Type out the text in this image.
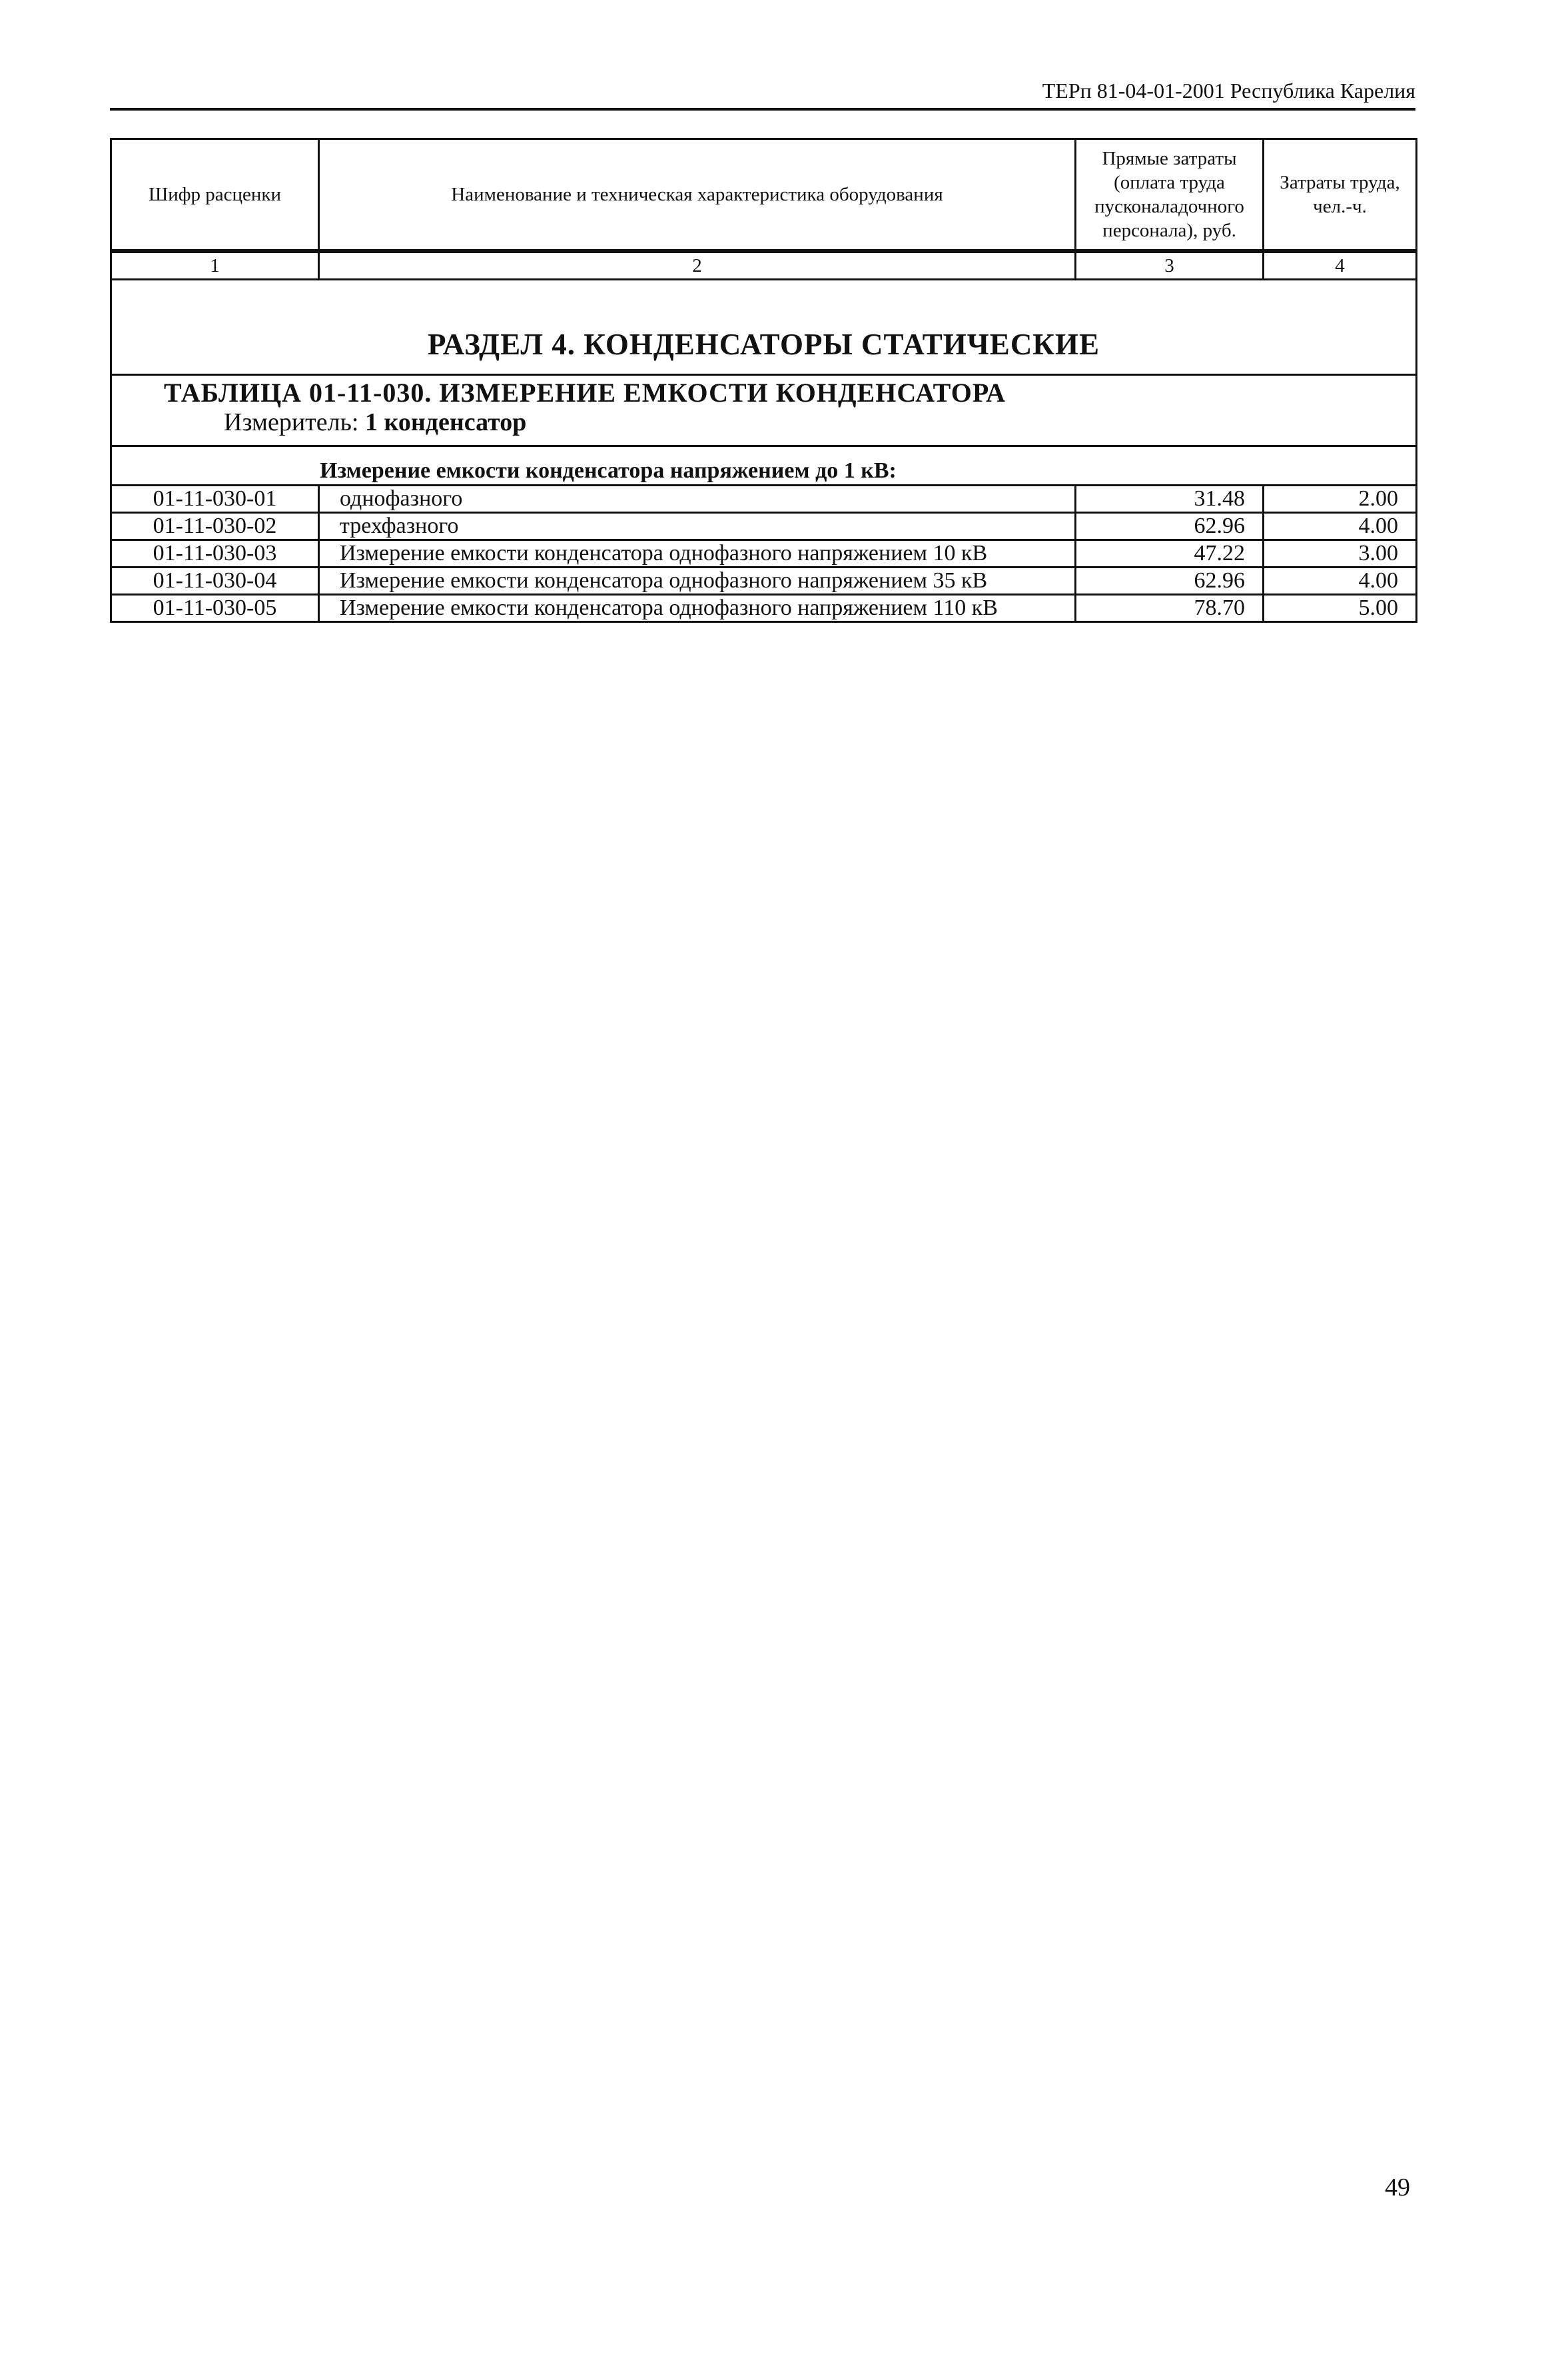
ТЕРп 81-04-01-2001 Республика Карелия
Шифр расценки	Наименование и техническая характеристика оборудования	Прямые затраты (оплата труда пусконаладочного персонала), руб.	Затраты труда, чел.-ч.
1	2	3	4
РАЗДЕЛ 4. КОНДЕНСАТОРЫ СТАТИЧЕСКИЕ			

ТАБЛИЦА 01-11-030. ИЗМЕРЕНИЕ ЕМКОСТИ КОНДЕНСАТОРА
Измеритель: 1 конденсатор			

Измерение емкости конденсатора напряжением до 1 кВ:			
01-11-030-01	однофазного	31.48	2.00
01-11-030-02	трехфазного	62.96	4.00
01-11-030-03	Измерение емкости конденсатора однофазного напряжением 10 кВ	47.22	3.00
01-11-030-04	Измерение емкости конденсатора однофазного напряжением 35 кВ	62.96	4.00
01-11-030-05	Измерение емкости конденсатора однофазного напряжением 110 кВ	78.70	5.00
49
